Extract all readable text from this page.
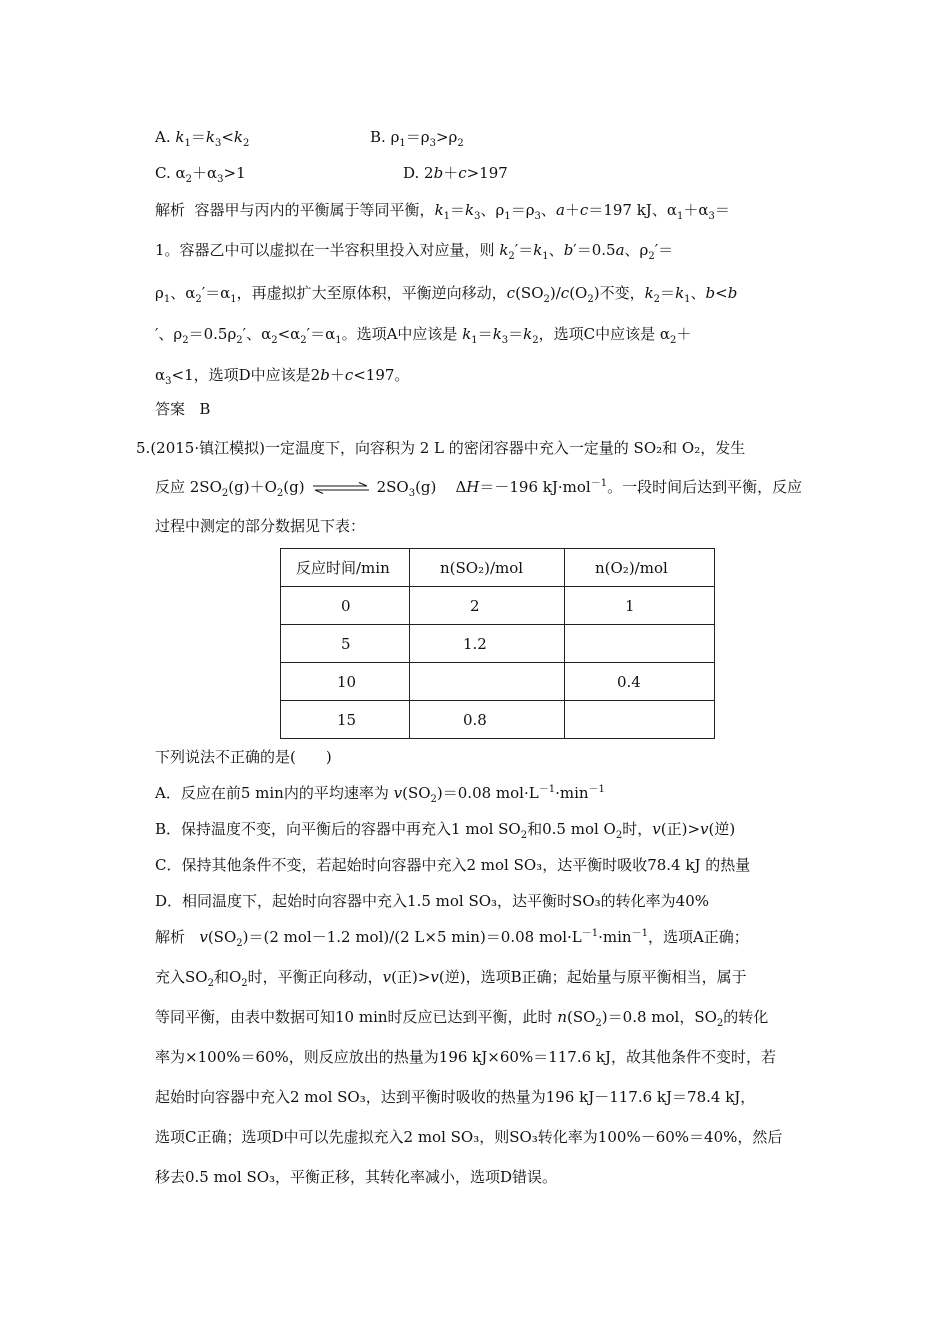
A. $k_1=k_3<k_2$	B. $\rho_1=\rho_3>\rho_2$
C. $\alpha_2+\alpha_3>1$	D. 2b＋c>197
解析  容器甲与丙内的平衡属于等同平衡，$k_1=k_3$、$\rho_1=\rho_3$、a＋c＝197 kJ、$\alpha_1+\alpha_3=$
1。容器乙中可以虚拟在一半容积里投入对应量，则 $k_2'=k_1$、b′＝0.5a、$\rho_2'=$
$\rho_1$、$\alpha_2'=\alpha_1$，再虚拟扩大至原体积，平衡逆向移动，$c(SO_2)/c(O_2)$不变，$k_2=k_1$、b<b
′、$\rho_2=0.5\rho_2'$、$\alpha_2<\alpha_2'=\alpha_1$。选项A中应该是 $k_1=k_3=k_2$，选项C中应该是 $\alpha_2+$
$\alpha_3<1$，选项D中应该是2b＋c<197。
答案 B
5.(2015·镇江模拟)一定温度下，向容积为 2 L 的密闭容器中充入一定量的 SO₂和 O₂，发生
反应 $2SO_2(g)+O_2(g)$ ⇌ $2SO_3(g)$    ΔH＝－196 kJ·mol$^{-1}$。一段时间后达到平衡，反应
过程中测定的部分数据见下表：
反应时间/min	n(SO₂)/mol	n(O₂)/mol
0	2	1
5	1.2	
10		0.4
15	0.8	
下列说法不正确的是(　　)
A．反应在前5 min内的平均速率为 $v(SO_2)=0.08$ $mol\cdot L^{-1}\cdot\min^{-1}$
B．保持温度不变，向平衡后的容器中再充入1 mol $SO_2$和0.5 mol $O_2$时，v(正)>v(逆)
C．保持其他条件不变，若起始时向容器中充入2 mol SO₃，达平衡时吸收78.4 kJ 的热量
D．相同温度下，起始时向容器中充入1.5 mol SO₃，达平衡时SO₃的转化率为40%
解析 $v(SO_2)=(2$ mol－1.2 mol)/(2 L×5 min)＝0.08 $mol\cdot L^{-1}\cdot\min^{-1}$，选项A正确；
充入$SO_2$和$O_2$时，平衡正向移动，v(正)>v(逆)，选项B正确；起始量与原平衡相当，属于
等同平衡，由表中数据可知10 min时反应已达到平衡，此时 $n(SO_2)=0.8$ mol，$SO_2$的转化
率为×100%＝60%，则反应放出的热量为196 kJ×60%＝117.6 kJ，故其他条件不变时，若
起始时向容器中充入2 mol SO₃，达到平衡时吸收的热量为196 kJ－117.6 kJ＝78.4 kJ，
选项C正确；选项D中可以先虚拟充入2 mol SO₃，则SO₃转化率为100%－60%＝40%，然后
移去0.5 mol SO₃，平衡正移，其转化率减小，选项D错误。
